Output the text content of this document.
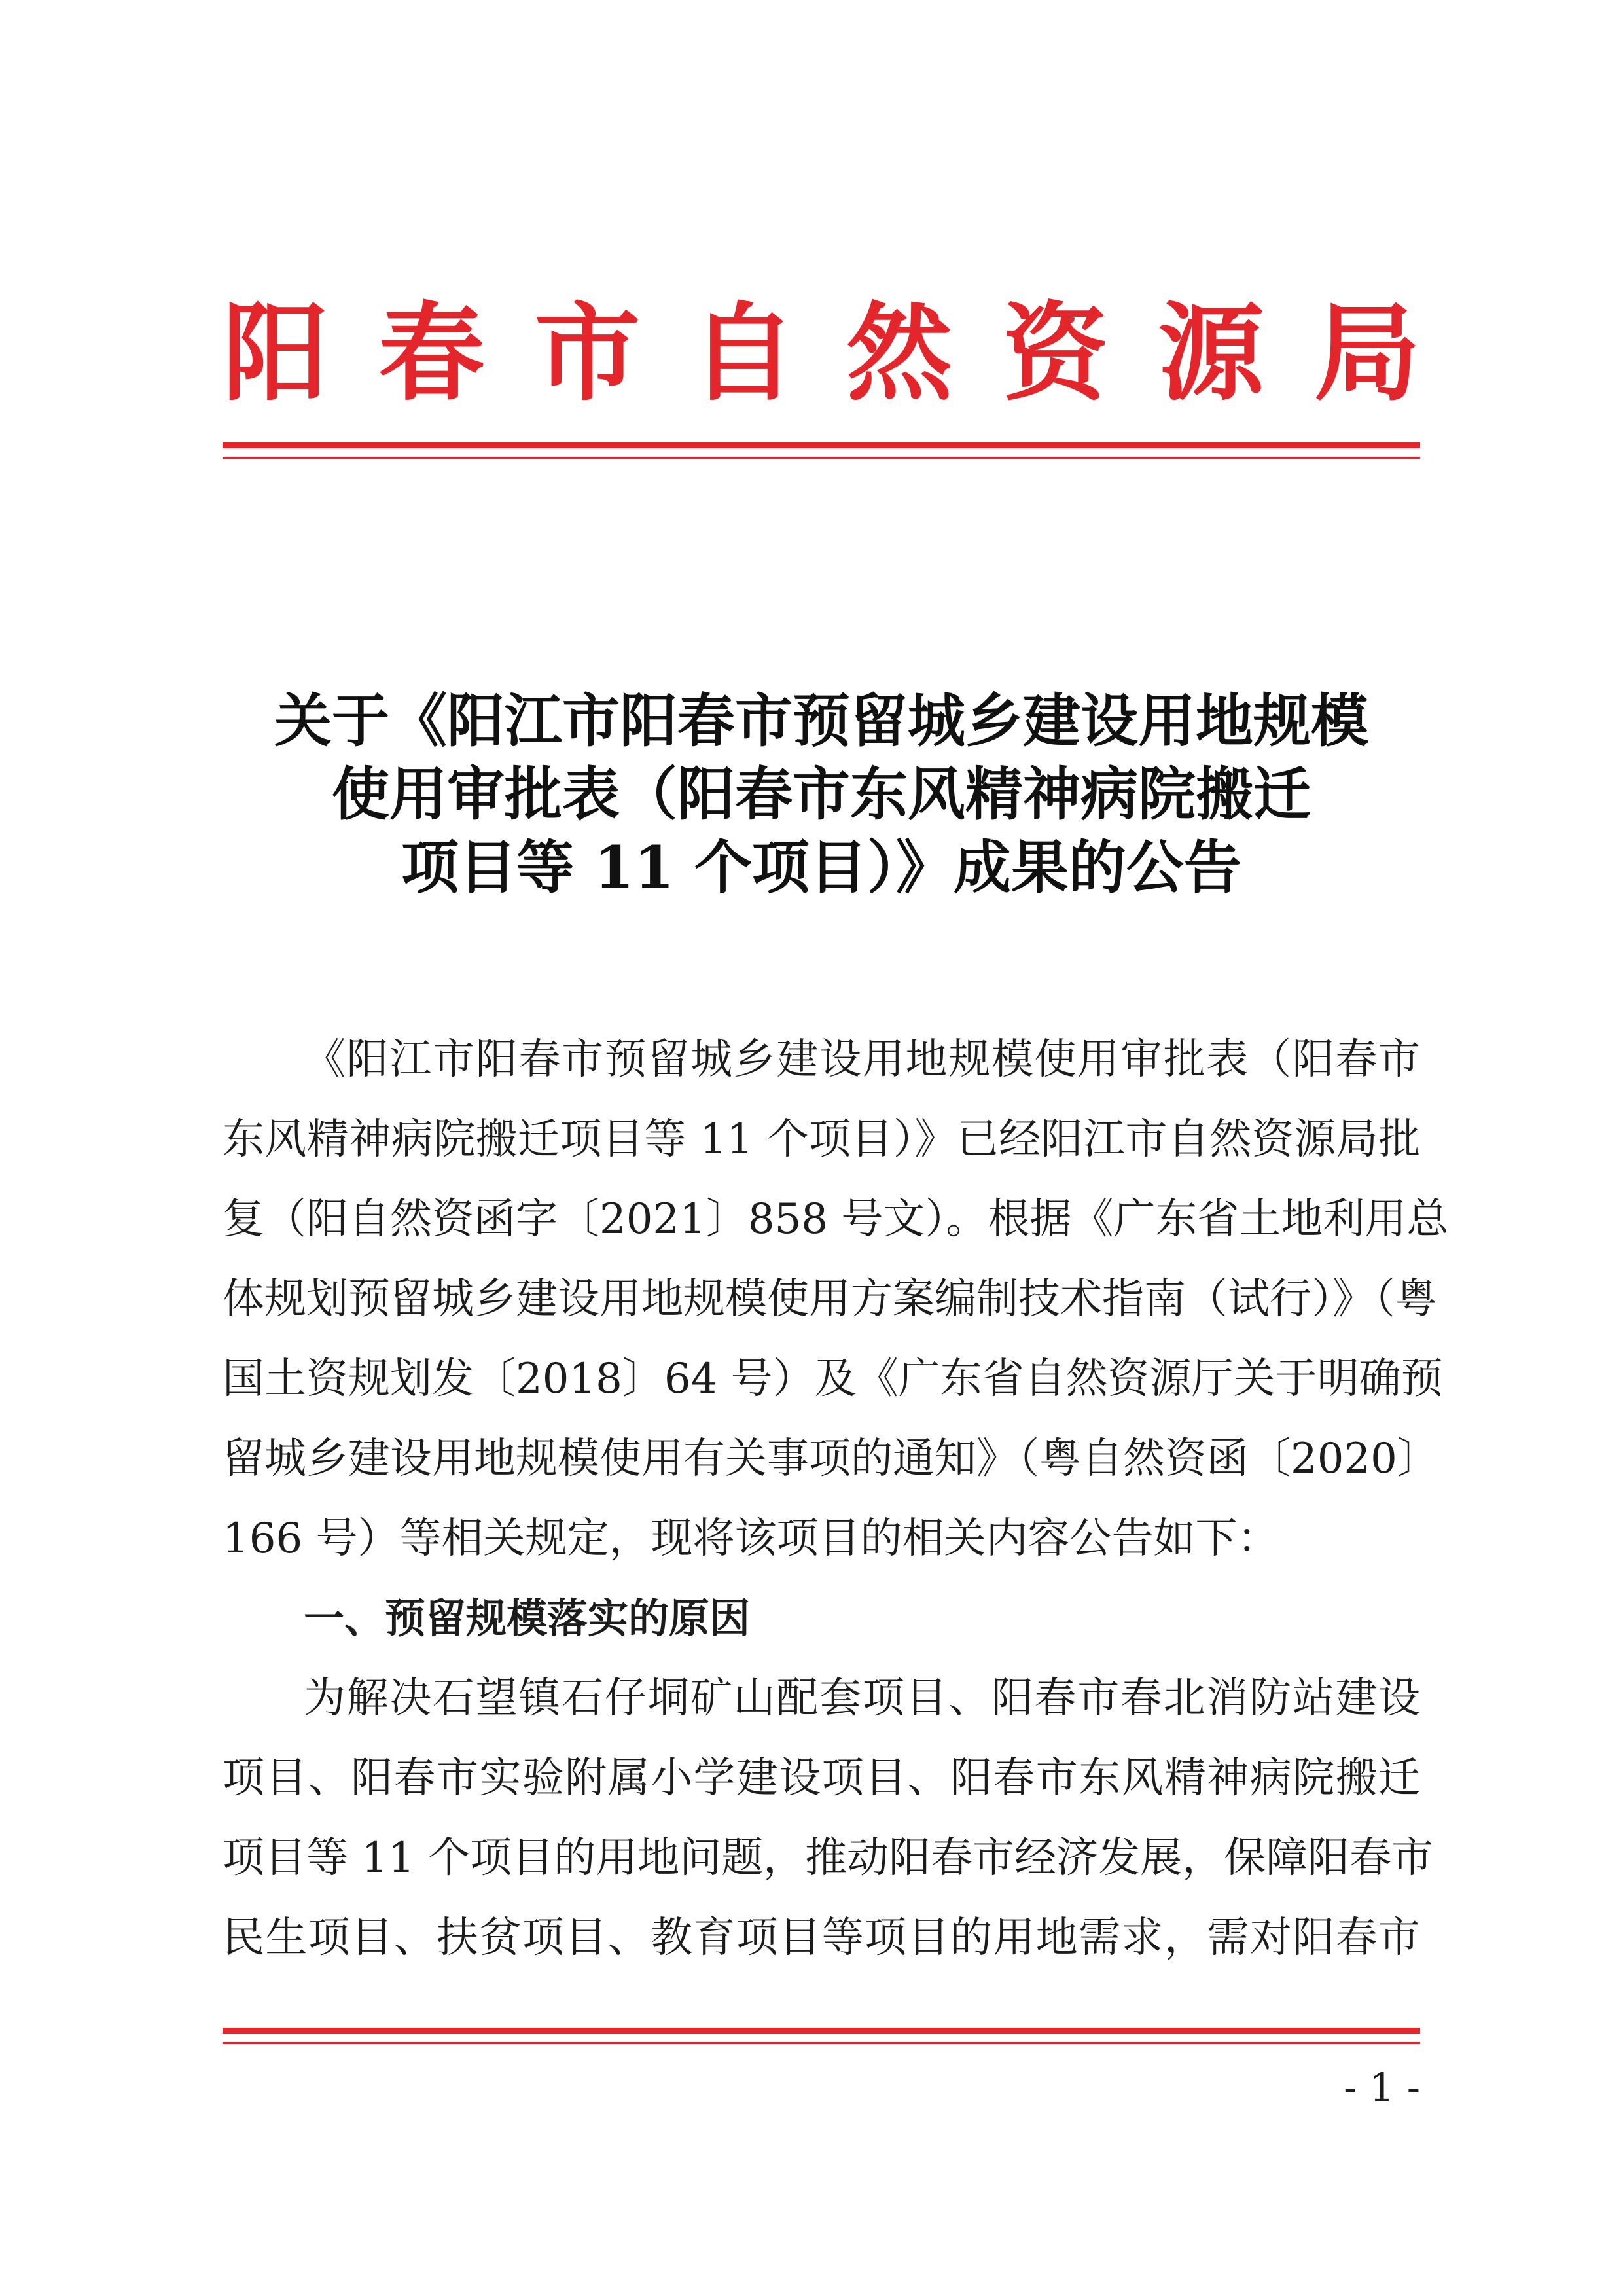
阳春市自然资源局
关于《阳江市阳春市预留城乡建设用地规模
使用审批表（阳春市东风精神病院搬迁
项目等 11 个项目）》成果的公告
《阳江市阳春市预留城乡建设用地规模使用审批表（阳春市
东风精神病院搬迁项目等 11 个项目）》已经阳江市自然资源局批
复（阳自然资函字〔2021〕858 号文）。根据《广东省土地利用总
体规划预留城乡建设用地规模使用方案编制技术指南（试行）》（粤
国土资规划发〔2018〕64 号）及《广东省自然资源厅关于明确预
留城乡建设用地规模使用有关事项的通知》（粤自然资函〔2020〕
166 号）等相关规定，现将该项目的相关内容公告如下：
一、预留规模落实的原因
为解决石望镇石仔垌矿山配套项目、阳春市春北消防站建设
项目、阳春市实验附属小学建设项目、阳春市东风精神病院搬迁
项目等 11 个项目的用地问题，推动阳春市经济发展，保障阳春市
民生项目、扶贫项目、教育项目等项目的用地需求，需对阳春市
- 1 -
